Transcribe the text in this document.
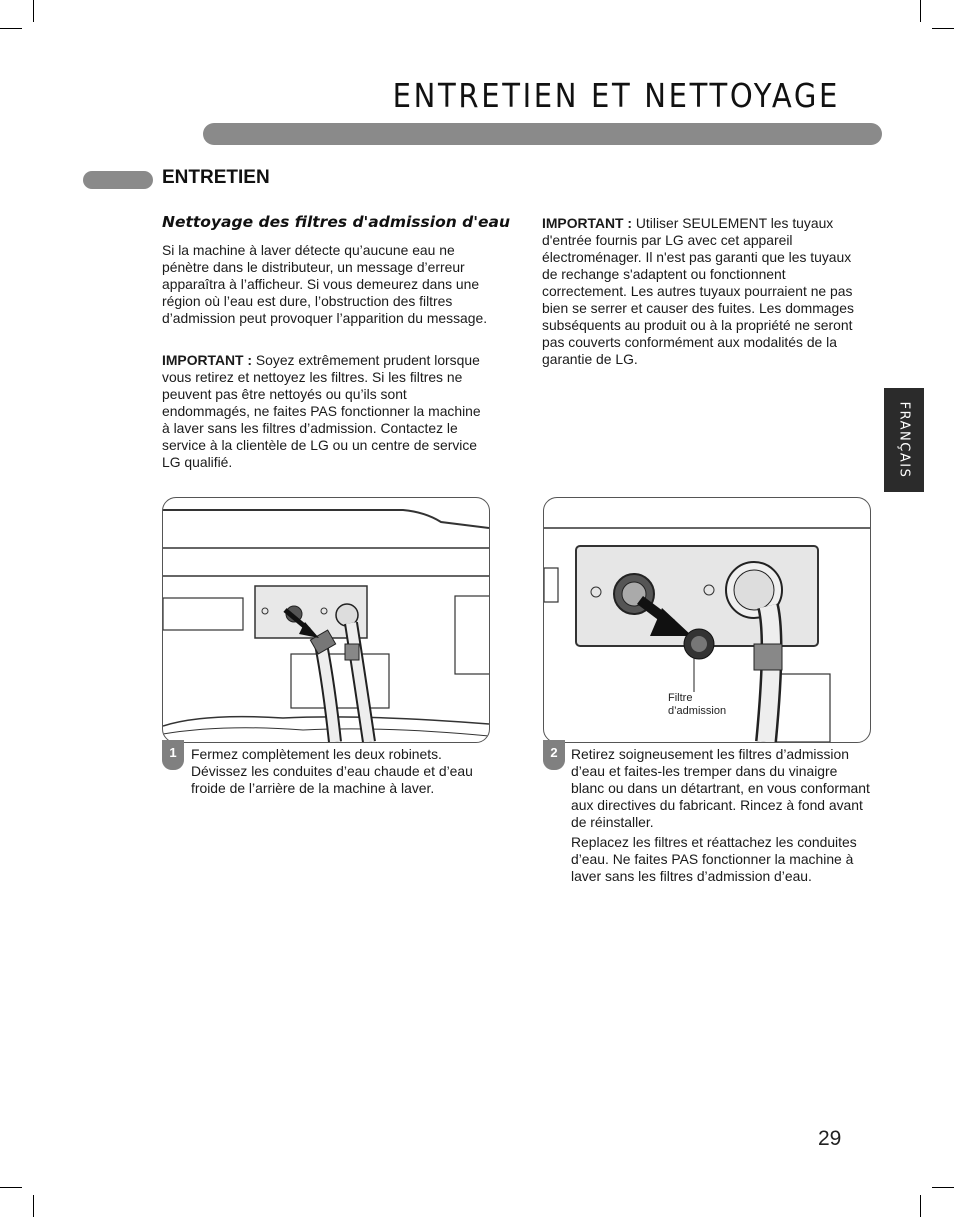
ENTRETIEN ET NETTOYAGE
ENTRETIEN
Nettoyage des filtres d'admission d'eau
Si la machine à laver détecte qu’aucune eau ne pénètre dans le distributeur, un message d’erreur apparaîtra à l’afficheur. Si vous demeurez dans une région où l’eau est dure, l’obstruction des filtres d’admission peut provoquer l’apparition du message.
IMPORTANT : Soyez extrêmement prudent lorsque vous retirez et nettoyez les filtres. Si les filtres ne peuvent pas être nettoyés ou qu’ils sont endommagés, ne faites PAS fonctionner la machine à laver sans les filtres d’admission. Contactez le service à la clientèle de LG ou un centre de service LG qualifié.
IMPORTANT : Utiliser SEULEMENT les tuyaux d'entrée fournis par LG avec cet appareil électroménager. Il n'est pas garanti que les tuyaux de rechange s'adaptent ou fonctionnent correctement. Les autres tuyaux pourraient ne pas bien se serrer et causer des fuites. Les dommages subséquents au produit ou à la propriété ne seront pas couverts conformément aux modalités de la garantie de LG.
FRANÇAIS
1	Fermez complètement les deux robinets. Dévissez les conduites d’eau chaude et d’eau froide de l’arrière de la machine à laver.
Filtre
d’admission
2 Retirez soigneusement les filtres d’admission d’eau et faites-les tremper dans du vinaigre blanc ou dans un détartrant, en vous conformant aux directives du fabricant. Rincez à fond avant de réinstaller.
Replacez les filtres et réattachez les conduites d’eau. Ne faites PAS fonctionner la machine à laver sans les filtres d’admission d’eau.
29
